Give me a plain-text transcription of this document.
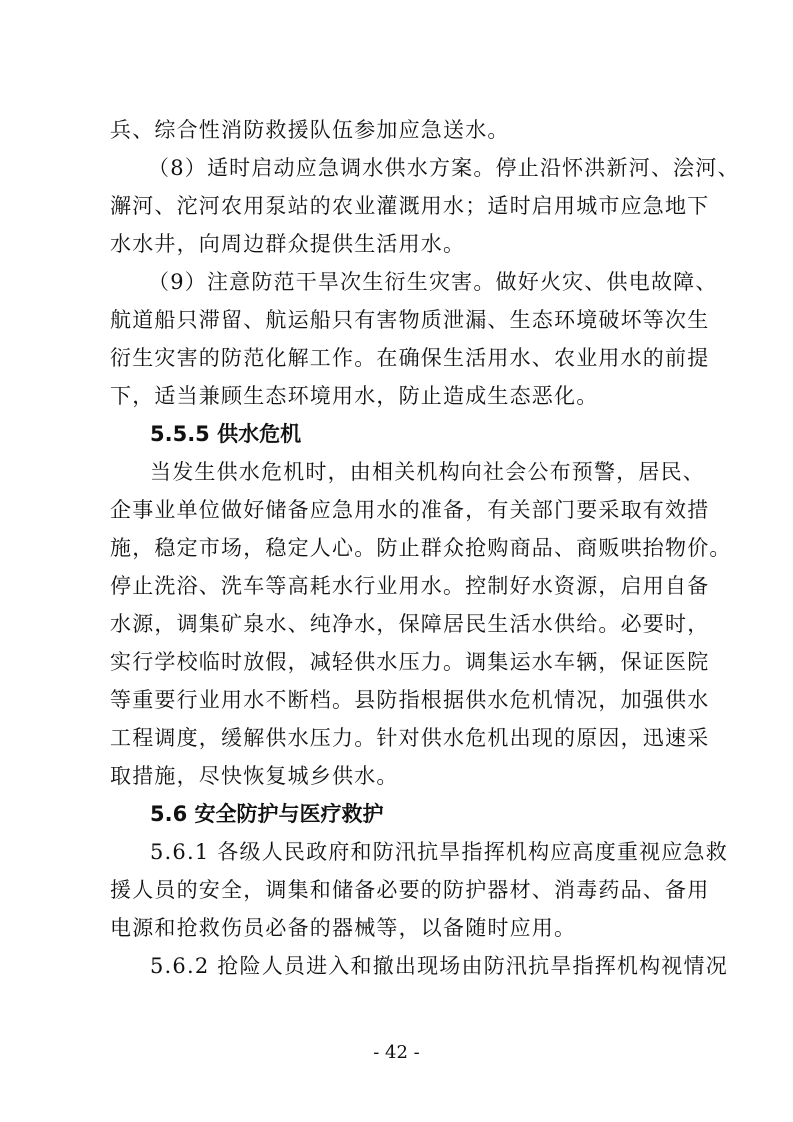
兵、综合性消防救援队伍参加应急送水。
（8）适时启动应急调水供水方案。停止沿怀洪新河、浍河、
澥河、沱河农用泵站的农业灌溉用水；适时启用城市应急地下
水水井，向周边群众提供生活用水。
（9）注意防范干旱次生衍生灾害。做好火灾、供电故障、
航道船只滞留、航运船只有害物质泄漏、生态环境破坏等次生
衍生灾害的防范化解工作。在确保生活用水、农业用水的前提
下，适当兼顾生态环境用水，防止造成生态恶化。
5.5.5 供水危机
当发生供水危机时，由相关机构向社会公布预警，居民、
企事业单位做好储备应急用水的准备，有关部门要采取有效措
施，稳定市场，稳定人心。防止群众抢购商品、商贩哄抬物价。
停止洗浴、洗车等高耗水行业用水。控制好水资源，启用自备
水源，调集矿泉水、纯净水，保障居民生活水供给。必要时，
实行学校临时放假，减轻供水压力。调集运水车辆，保证医院
等重要行业用水不断档。县防指根据供水危机情况，加强供水
工程调度，缓解供水压力。针对供水危机出现的原因，迅速采
取措施，尽快恢复城乡供水。
5.6 安全防护与医疗救护
5.6.1 各级人民政府和防汛抗旱指挥机构应高度重视应急救
援人员的安全，调集和储备必要的防护器材、消毒药品、备用
电源和抢救伤员必备的器械等，以备随时应用。
5.6.2 抢险人员进入和撤出现场由防汛抗旱指挥机构视情况
- 42 -
